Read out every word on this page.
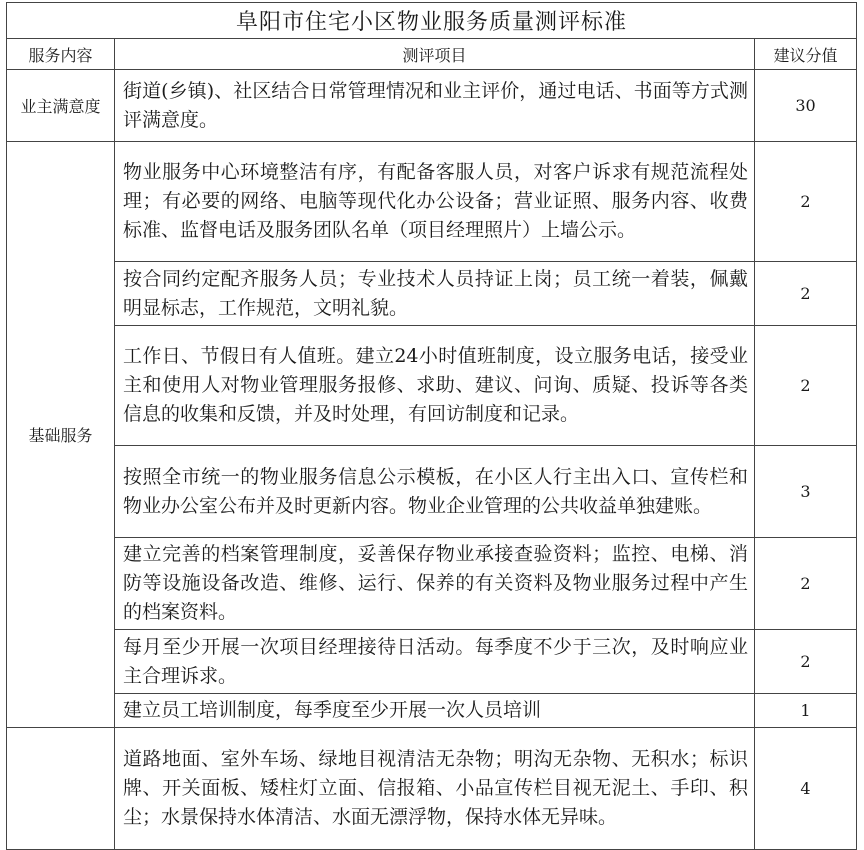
阜阳市住宅小区物业服务质量测评标准		
服务内容	测评项目	建议分值
业主满意度	街道(乡镇)、社区结合日常管理情况和业主评价，通过电话、书面等方式测评满意度。	30
基础服务	物业服务中心环境整洁有序，有配备客服人员，对客户诉求有规范流程处理；有必要的网络、电脑等现代化办公设备；营业证照、服务内容、收费标准、监督电话及服务团队名单（项目经理照片）上墙公示。	2
	按合同约定配齐服务人员；专业技术人员持证上岗；员工统一着装，佩戴明显标志，工作规范，文明礼貌。	2
	工作日、节假日有人值班。建立24小时值班制度，设立服务电话，接受业主和使用人对物业管理服务报修、求助、建议、问询、质疑、投诉等各类信息的收集和反馈，并及时处理，有回访制度和记录。	2
	按照全市统一的物业服务信息公示模板，在小区人行主出入口、宣传栏和物业办公室公布并及时更新内容。物业企业管理的公共收益单独建账。	3
	建立完善的档案管理制度，妥善保存物业承接查验资料；监控、电梯、消防等设施设备改造、维修、运行、保养的有关资料及物业服务过程中产生的档案资料。	2
	每月至少开展一次项目经理接待日活动。每季度不少于三次，及时响应业主合理诉求。	2
	建立员工培训制度，每季度至少开展一次人员培训	1
	道路地面、室外车场、绿地目视清洁无杂物；明沟无杂物、无积水；标识牌、开关面板、矮柱灯立面、信报箱、小品宣传栏目视无泥土、手印、积尘；水景保持水体清洁、水面无漂浮物，保持水体无异味。	4
